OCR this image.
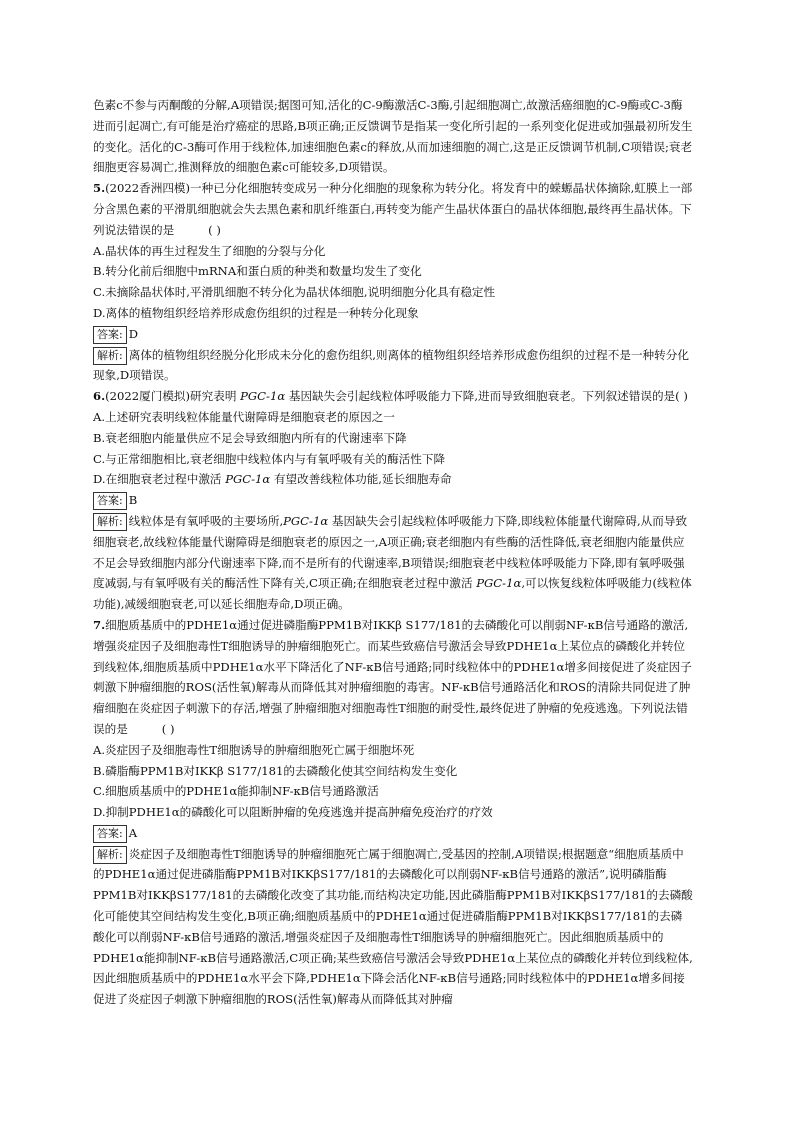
色素c不参与丙酮酸的分解,A项错误;据图可知,活化的C-9酶激活C-3酶,引起细胞凋亡,故激活癌细胞的C-9酶或C-3酶进而引起凋亡,有可能是治疗癌症的思路,B项正确;正反馈调节是指某一变化所引起的一系列变化促进或加强最初所发生的变化。活化的C-3酶可作用于线粒体,加速细胞色素c的释放,从而加速细胞的凋亡,这是正反馈调节机制,C项错误;衰老细胞更容易凋亡,推测释放的细胞色素c可能较多,D项错误。

5.(2022香洲四模)一种已分化细胞转变成另一种分化细胞的现象称为转分化。将发育中的蝾螈晶状体摘除,虹膜上一部分含黑色素的平滑肌细胞就会失去黑色素和肌纤维蛋白,再转变为能产生晶状体蛋白的晶状体细胞,最终再生晶状体。下列说法错误的是	( )

A.晶状体的再生过程发生了细胞的分裂与分化

B.转分化前后细胞中mRNA和蛋白质的种类和数量均发生了变化

C.未摘除晶状体时,平滑肌细胞不转分化为晶状体细胞,说明细胞分化具有稳定性

D.离体的植物组织经培养形成愈伤组织的过程是一种转分化现象

答案: D

解析: 离体的植物组织经脱分化形成未分化的愈伤组织,则离体的植物组织经培养形成愈伤组织的过程不是一种转分化现象,D项错误。

6.(2022厦门模拟)研究表明 PGC-1α 基因缺失会引起线粒体呼吸能力下降,进而导致细胞衰老。下列叙述错误的是( )

A.上述研究表明线粒体能量代谢障碍是细胞衰老的原因之一

B.衰老细胞内能量供应不足会导致细胞内所有的代谢速率下降

C.与正常细胞相比,衰老细胞中线粒体内与有氧呼吸有关的酶活性下降

D.在细胞衰老过程中激活 PGC-1α 有望改善线粒体功能,延长细胞寿命

答案: B

解析: 线粒体是有氧呼吸的主要场所,PGC-1α 基因缺失会引起线粒体呼吸能力下降,即线粒体能量代谢障碍,从而导致细胞衰老,故线粒体能量代谢障碍是细胞衰老的原因之一,A项正确;衰老细胞内有些酶的活性降低,衰老细胞内能量供应不足会导致细胞内部分代谢速率下降,而不是所有的代谢速率,B项错误;细胞衰老中线粒体呼吸能力下降,即有氧呼吸强度减弱,与有氧呼吸有关的酶活性下降有关,C项正确;在细胞衰老过程中激活 PGC-1α,可以恢复线粒体呼吸能力(线粒体功能),减缓细胞衰老,可以延长细胞寿命,D项正确。

7.细胞质基质中的PDHE1α通过促进磷脂酶PPM1B对IKKβ S177/181的去磷酸化可以削弱NF-κB信号通路的激活,增强炎症因子及细胞毒性T细胞诱导的肿瘤细胞死亡。而某些致癌信号激活会导致PDHE1α上某位点的磷酸化并转位到线粒体,细胞质基质中PDHE1α水平下降活化了NF-κB信号通路;同时线粒体中的PDHE1α增多间接促进了炎症因子刺激下肿瘤细胞的ROS(活性氧)解毒从而降低其对肿瘤细胞的毒害。NF-κB信号通路活化和ROS的清除共同促进了肿瘤细胞在炎症因子刺激下的存活,增强了肿瘤细胞对细胞毒性T细胞的耐受性,最终促进了肿瘤的免疫逃逸。下列说法错误的是	( )

A.炎症因子及细胞毒性T细胞诱导的肿瘤细胞死亡属于细胞坏死

B.磷脂酶PPM1B对IKKβ S177/181的去磷酸化使其空间结构发生变化

C.细胞质基质中的PDHE1α能抑制NF-κB信号通路激活

D.抑制PDHE1α的磷酸化可以阻断肿瘤的免疫逃逸并提高肿瘤免疫治疗的疗效

答案: A

解析: 炎症因子及细胞毒性T细胞诱导的肿瘤细胞死亡属于细胞凋亡,受基因的控制,A项错误;根据题意“细胞质基质中的PDHE1α通过促进磷脂酶PPM1B对IKKβS177/181的去磷酸化可以削弱NF-κB信号通路的激活”,说明磷脂酶PPM1B对IKKβS177/181的去磷酸化改变了其功能,而结构决定功能,因此磷脂酶PPM1B对IKKβS177/181的去磷酸化可能使其空间结构发生变化,B项正确;细胞质基质中的PDHE1α通过促进磷脂酶PPM1B对IKKβS177/181的去磷酸化可以削弱NF-κB信号通路的激活,增强炎症因子及细胞毒性T细胞诱导的肿瘤细胞死亡。因此细胞质基质中的PDHE1α能抑制NF-κB信号通路激活,C项正确;某些致癌信号激活会导致PDHE1α上某位点的磷酸化并转位到线粒体,因此细胞质基质中的PDHE1α水平会下降,PDHE1α下降会活化NF-κB信号通路;同时线粒体中的PDHE1α增多间接促进了炎症因子刺激下肿瘤细胞的ROS(活性氧)解毒从而降低其对肿瘤
